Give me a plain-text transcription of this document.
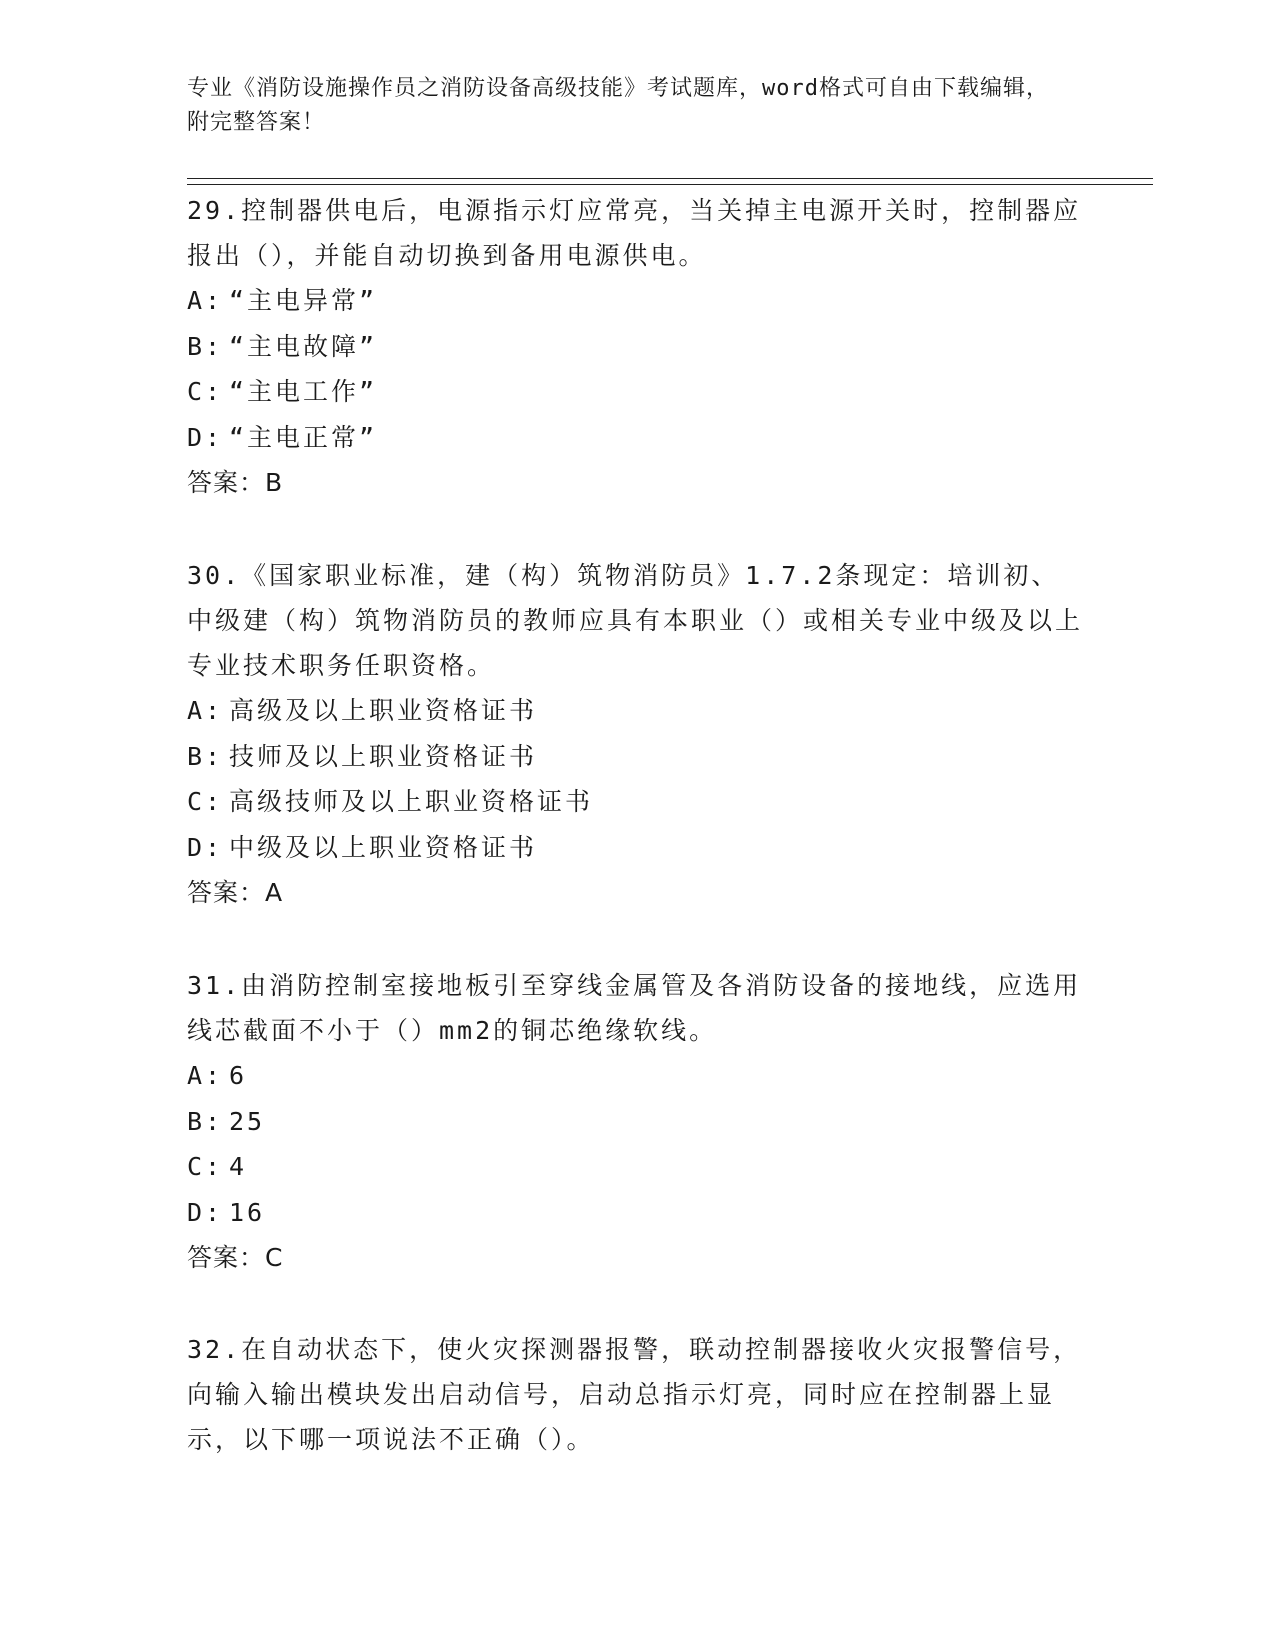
专业《消防设施操作员之消防设备高级技能》考试题库，word格式可自由下载编辑，附完整答案！

29.控制器供电后，电源指示灯应常亮，当关掉主电源开关时，控制器应报出（），并能自动切换到备用电源供电。

A: “主电异常”

B: “主电故障”

C: “主电工作”

D: “主电正常”

答案：B

30.《国家职业标准，建（构）筑物消防员》1.7.2条现定：培训初、中级建（构）筑物消防员的教师应具有本职业（）或相关专业中级及以上专业技术职务任职资格。

A: 高级及以上职业资格证书

B: 技师及以上职业资格证书

C: 高级技师及以上职业资格证书

D: 中级及以上职业资格证书

答案：A

31.由消防控制室接地板引至穿线金属管及各消防设备的接地线，应选用线芯截面不小于（）mm2的铜芯绝缘软线。

A: 6

B: 25

C: 4

D: 16

答案：C

32.在自动状态下，使火灾探测器报警，联动控制器接收火灾报警信号，向输入输出模块发出启动信号，启动总指示灯亮，同时应在控制器上显示，以下哪一项说法不正确（）。
